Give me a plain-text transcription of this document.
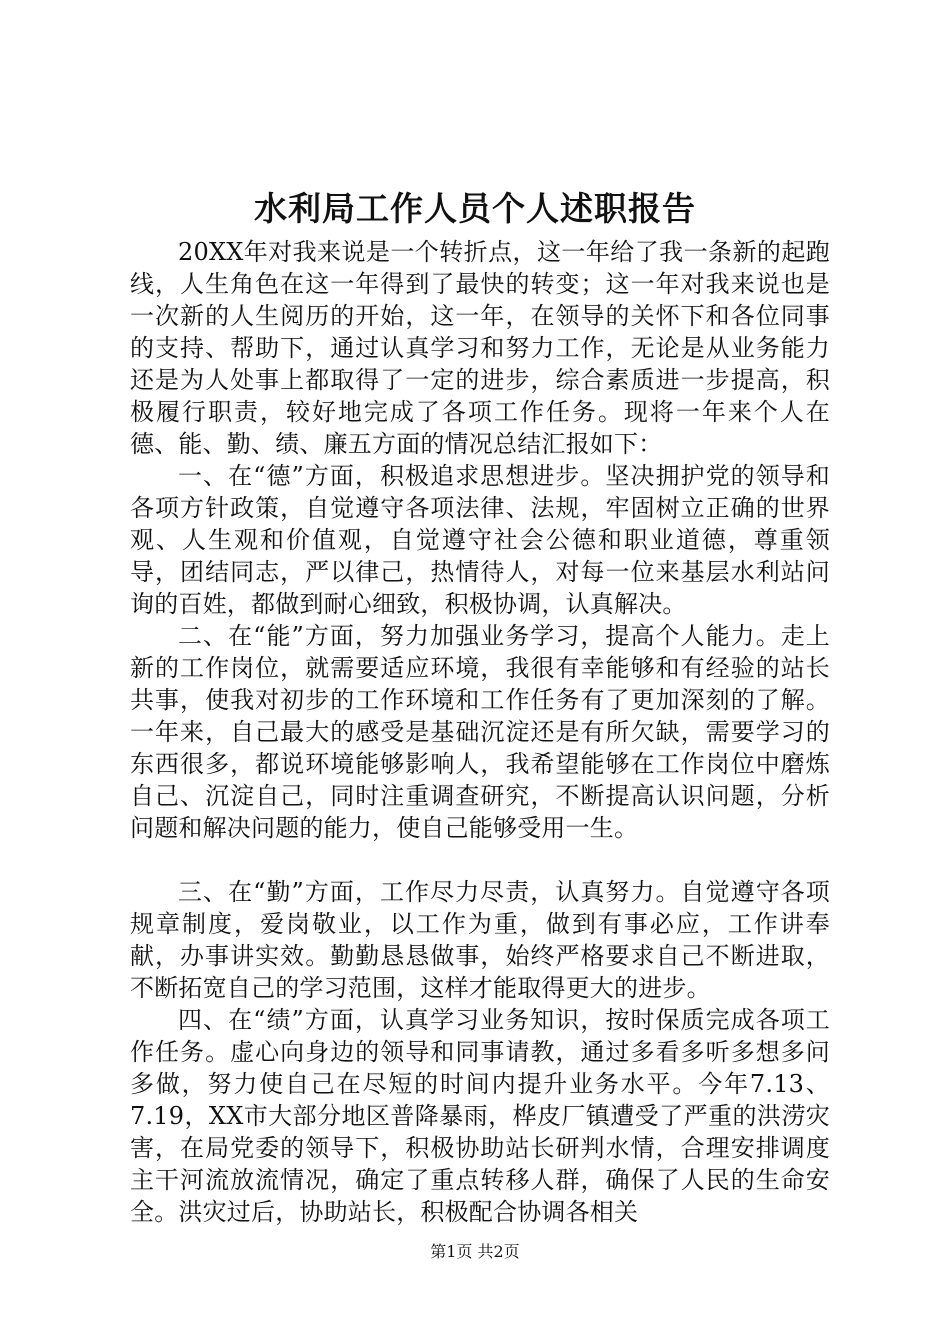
水利局工作人员个人述职报告

20XX年对我来说是一个转折点，这一年给了我一条新的起跑线，人生角色在这一年得到了最快的转变；这一年对我来说也是一次新的人生阅历的开始，这一年，在领导的关怀下和各位同事的支持、帮助下，通过认真学习和努力工作，无论是从业务能力还是为人处事上都取得了一定的进步，综合素质进一步提高，积极履行职责，较好地完成了各项工作任务。现将一年来个人在德、能、勤、绩、廉五方面的情况总结汇报如下：

一、在“德”方面，积极追求思想进步。坚决拥护党的领导和各项方针政策，自觉遵守各项法律、法规，牢固树立正确的世界观、人生观和价值观，自觉遵守社会公德和职业道德，尊重领导，团结同志，严以律己，热情待人，对每一位来基层水利站问询的百姓，都做到耐心细致，积极协调，认真解决。

二、在“能”方面，努力加强业务学习，提高个人能力。走上新的工作岗位，就需要适应环境，我很有幸能够和有经验的站长共事，使我对初步的工作环境和工作任务有了更加深刻的了解。一年来，自己最大的感受是基础沉淀还是有所欠缺，需要学习的东西很多，都说环境能够影响人，我希望能够在工作岗位中磨炼自己、沉淀自己，同时注重调查研究，不断提高认识问题，分析问题和解决问题的能力，使自己能够受用一生。

三、在“勤”方面，工作尽力尽责，认真努力。自觉遵守各项规章制度，爱岗敬业，以工作为重，做到有事必应，工作讲奉献，办事讲实效。勤勤恳恳做事，始终严格要求自己不断进取，不断拓宽自己的学习范围，这样才能取得更大的进步。

四、在“绩”方面，认真学习业务知识，按时保质完成各项工作任务。虚心向身边的领导和同事请教，通过多看多听多想多问多做，努力使自己在尽短的时间内提升业务水平。今年7.13、7.19，XX市大部分地区普降暴雨，桦皮厂镇遭受了严重的洪涝灾害，在局党委的领导下，积极协助站长研判水情，合理安排调度主干河流放流情况，确定了重点转移人群，确保了人民的生命安全。洪灾过后，协助站长，积极配合协调各相关

第1页 共2页
